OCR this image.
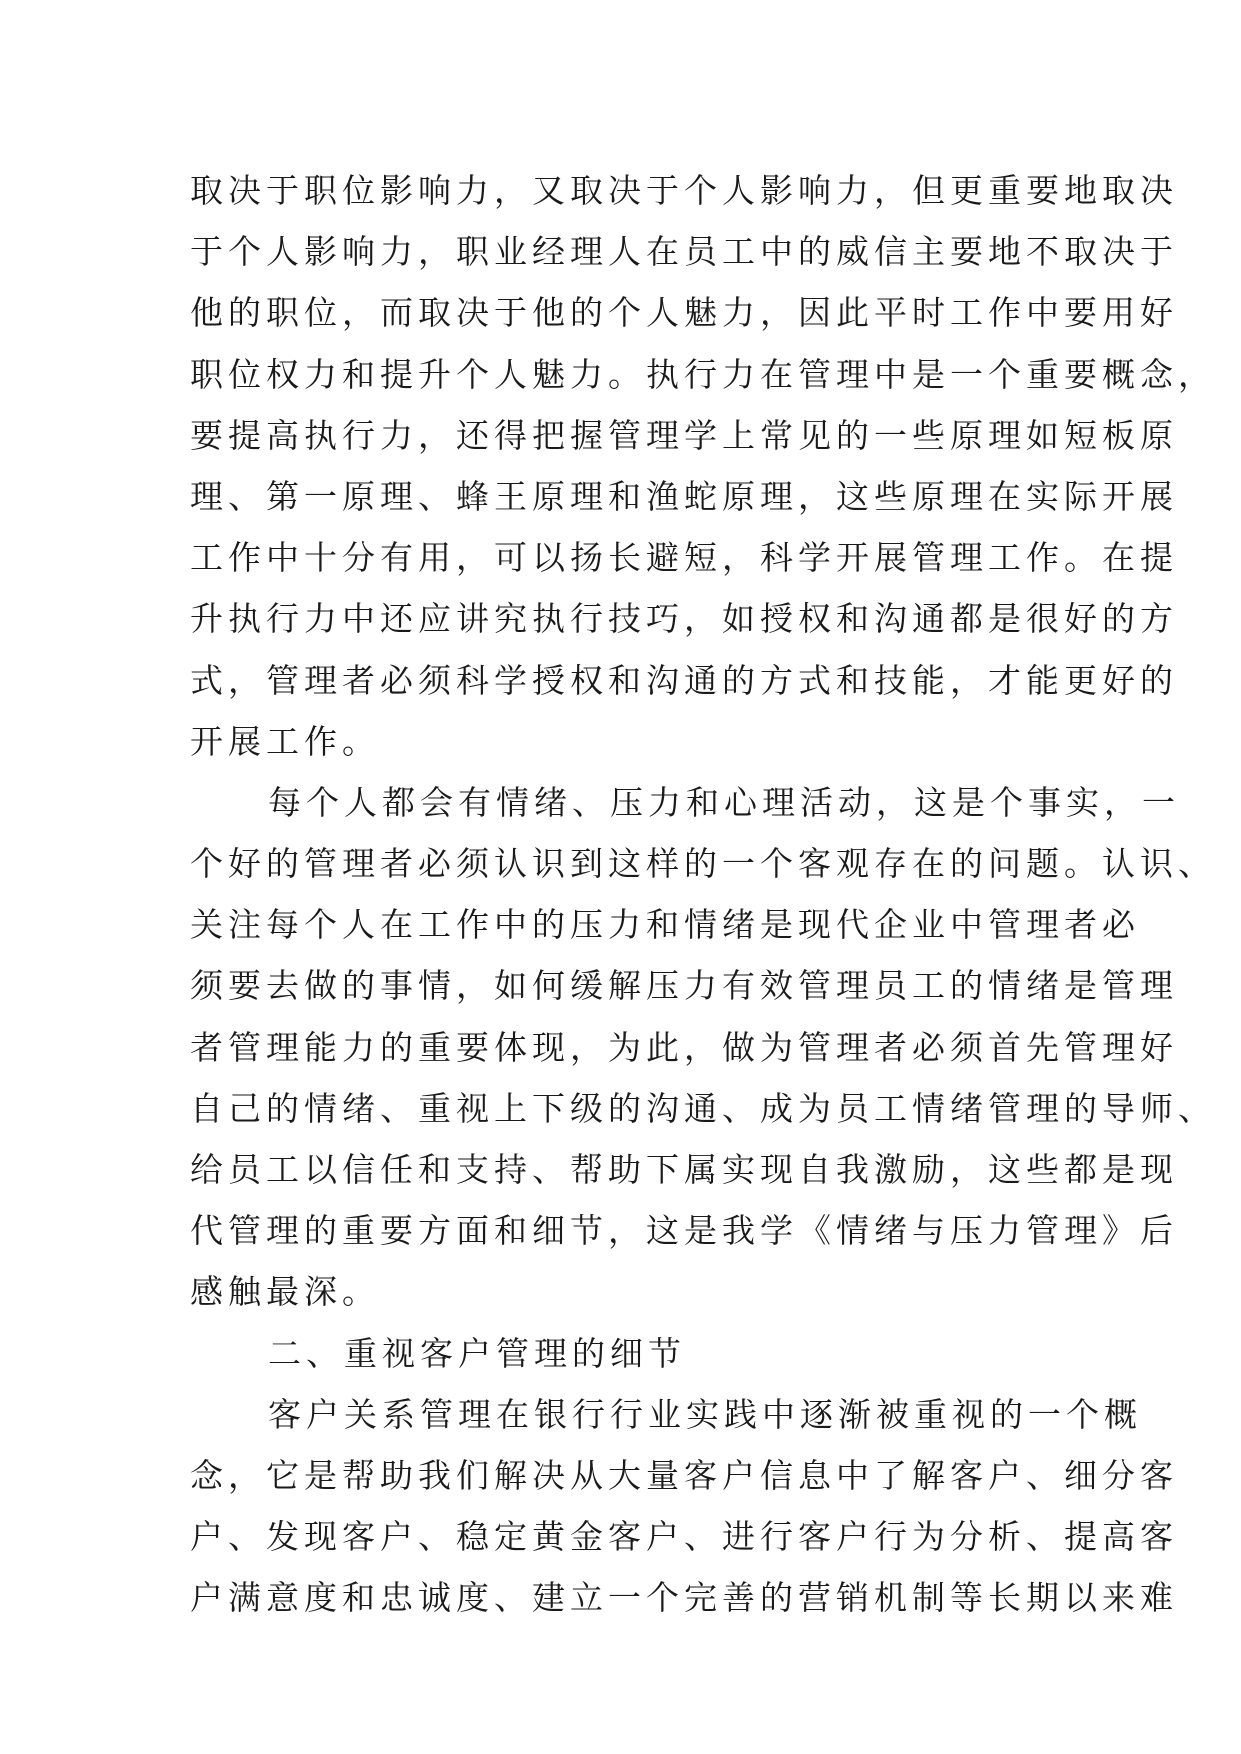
取决于职位影响力，又取决于个人影响力，但更重要地取决
于个人影响力，职业经理人在员工中的威信主要地不取决于
他的职位，而取决于他的个人魅力，因此平时工作中要用好
职位权力和提升个人魅力。执行力在管理中是一个重要概念，
要提高执行力，还得把握管理学上常见的一些原理如短板原
理、第一原理、蜂王原理和渔蛇原理，这些原理在实际开展
工作中十分有用，可以扬长避短，科学开展管理工作。在提
升执行力中还应讲究执行技巧，如授权和沟通都是很好的方
式，管理者必须科学授权和沟通的方式和技能，才能更好的
开展工作。
每个人都会有情绪、压力和心理活动，这是个事实，一
个好的管理者必须认识到这样的一个客观存在的问题。认识、
关注每个人在工作中的压力和情绪是现代企业中管理者必
须要去做的事情，如何缓解压力有效管理员工的情绪是管理
者管理能力的重要体现，为此，做为管理者必须首先管理好
自己的情绪、重视上下级的沟通、成为员工情绪管理的导师、
给员工以信任和支持、帮助下属实现自我激励，这些都是现
代管理的重要方面和细节，这是我学《情绪与压力管理》后
感触最深。
二、重视客户管理的细节
客户关系管理在银行行业实践中逐渐被重视的一个概
念，它是帮助我们解决从大量客户信息中了解客户、细分客
户、发现客户、稳定黄金客户、进行客户行为分析、提高客
户满意度和忠诚度、建立一个完善的营销机制等长期以来难
